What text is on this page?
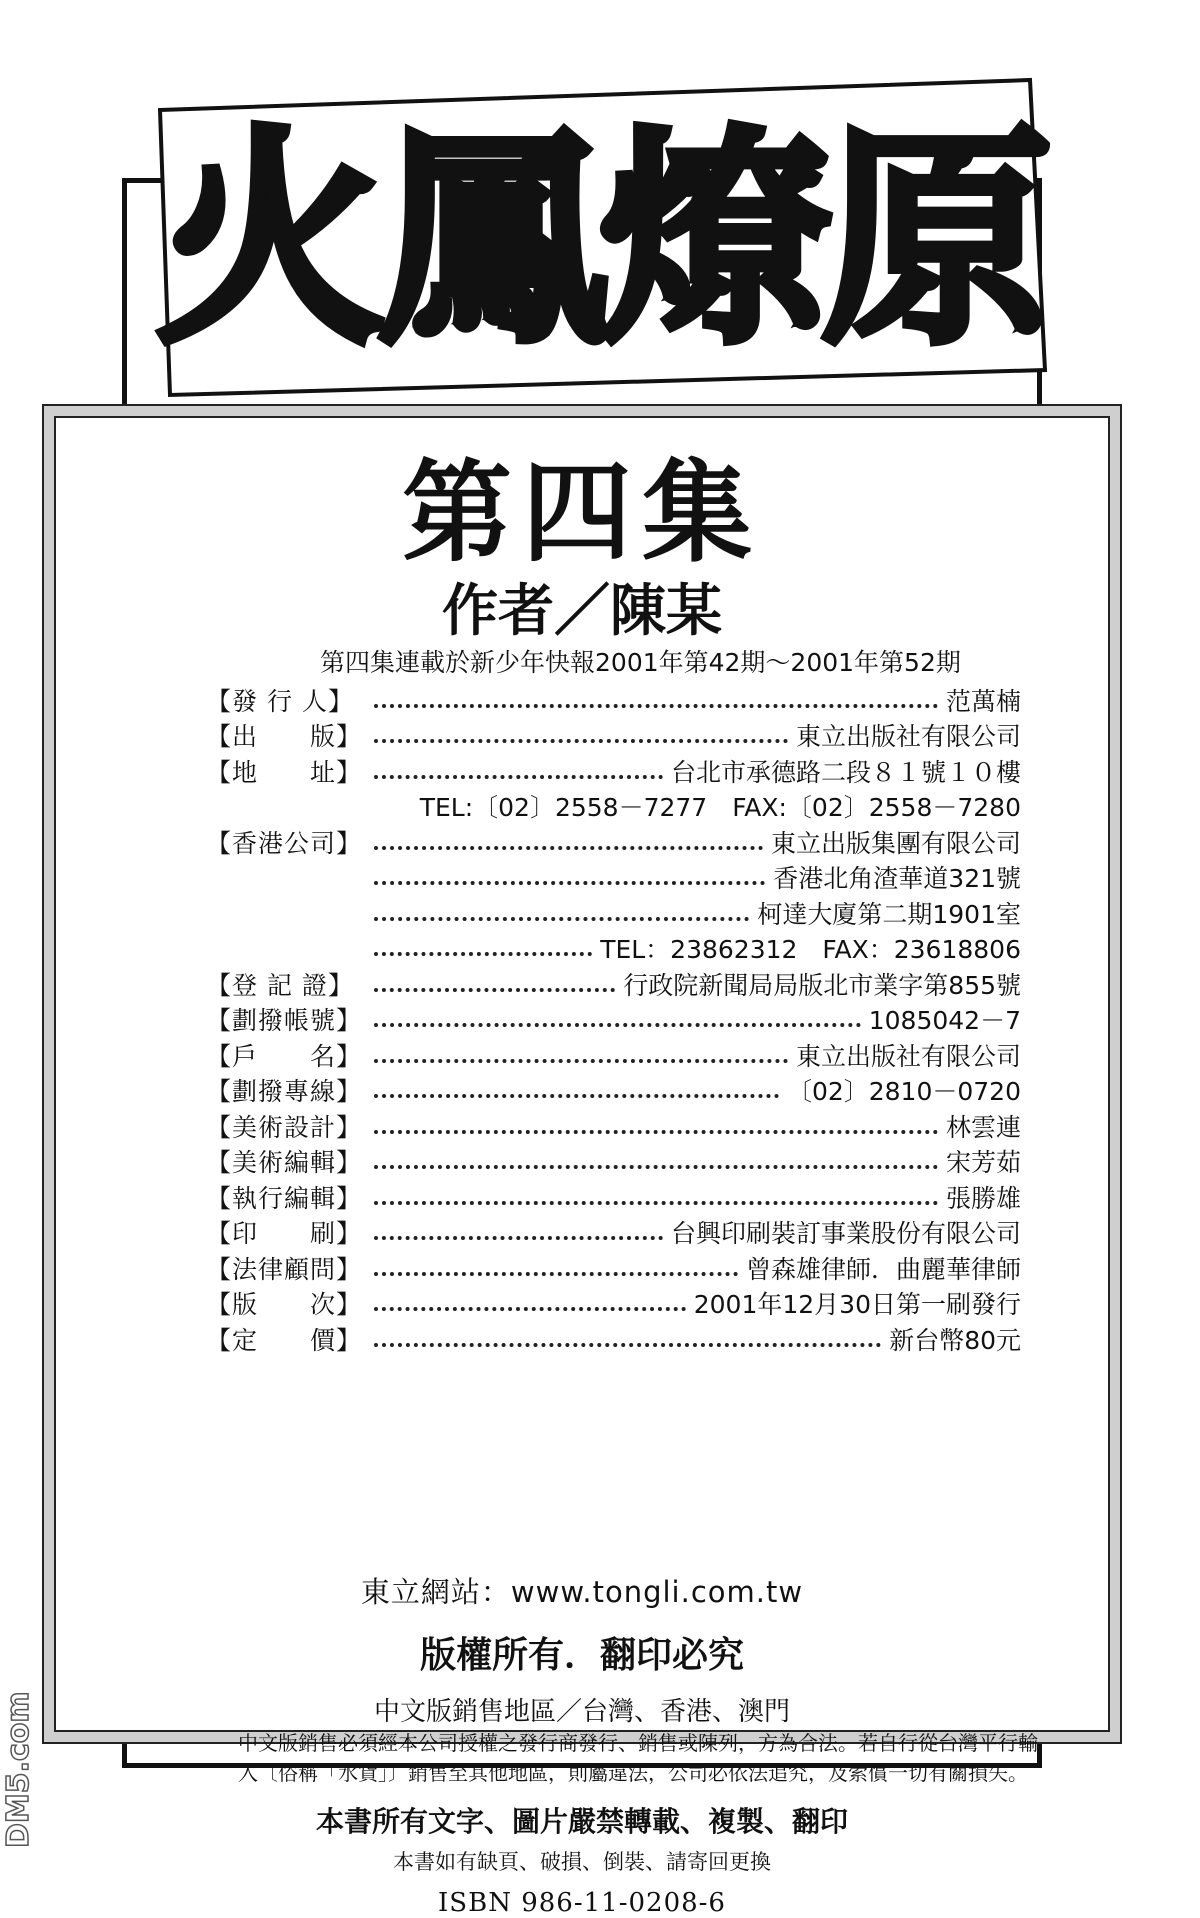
火鳳燎原
第四集
作者／陳某
第四集連載於新少年快報2001年第42期～2001年第52期
【發 行 人】	范萬楠
【出　　版】	東立出版社有限公司
【地　　址】	台北市承德路二段８１號１０樓
TEL:〔02〕2558－7277　FAX:〔02〕2558－7280
【香港公司】	東立出版集團有限公司
香港北角渣華道321號
柯達大廈第二期1901室
TEL：23862312　FAX：23618806
【登 記 證】	行政院新聞局局版北市業字第855號
【劃撥帳號】	1085042－7
【戶　　名】	東立出版社有限公司
【劃撥專線】	〔02〕2810－0720
【美術設計】	林雲連
【美術編輯】	宋芳茹
【執行編輯】	張勝雄
【印　　刷】	台興印刷裝訂事業股份有限公司
【法律顧問】	曾森雄律師．曲麗華律師
【版　　次】	2001年12月30日第一刷發行
【定　　價】	新台幣80元
東立網站：www.tongli.com.tw
版權所有．翻印必究
中文版銷售地區／台灣、香港、澳門
中文版銷售必須經本公司授權之發行商發行、銷售或陳列，方為合法。若自行從台灣平行輸入〔俗稱「水貨」〕銷售至其他地區，則屬違法，公司必依法追究，及索償一切有關損失。
本書所有文字、圖片嚴禁轉載、複製、翻印
本書如有缺頁、破損、倒裝、請寄回更換
ISBN 986-11-0208-6
DM5.com
